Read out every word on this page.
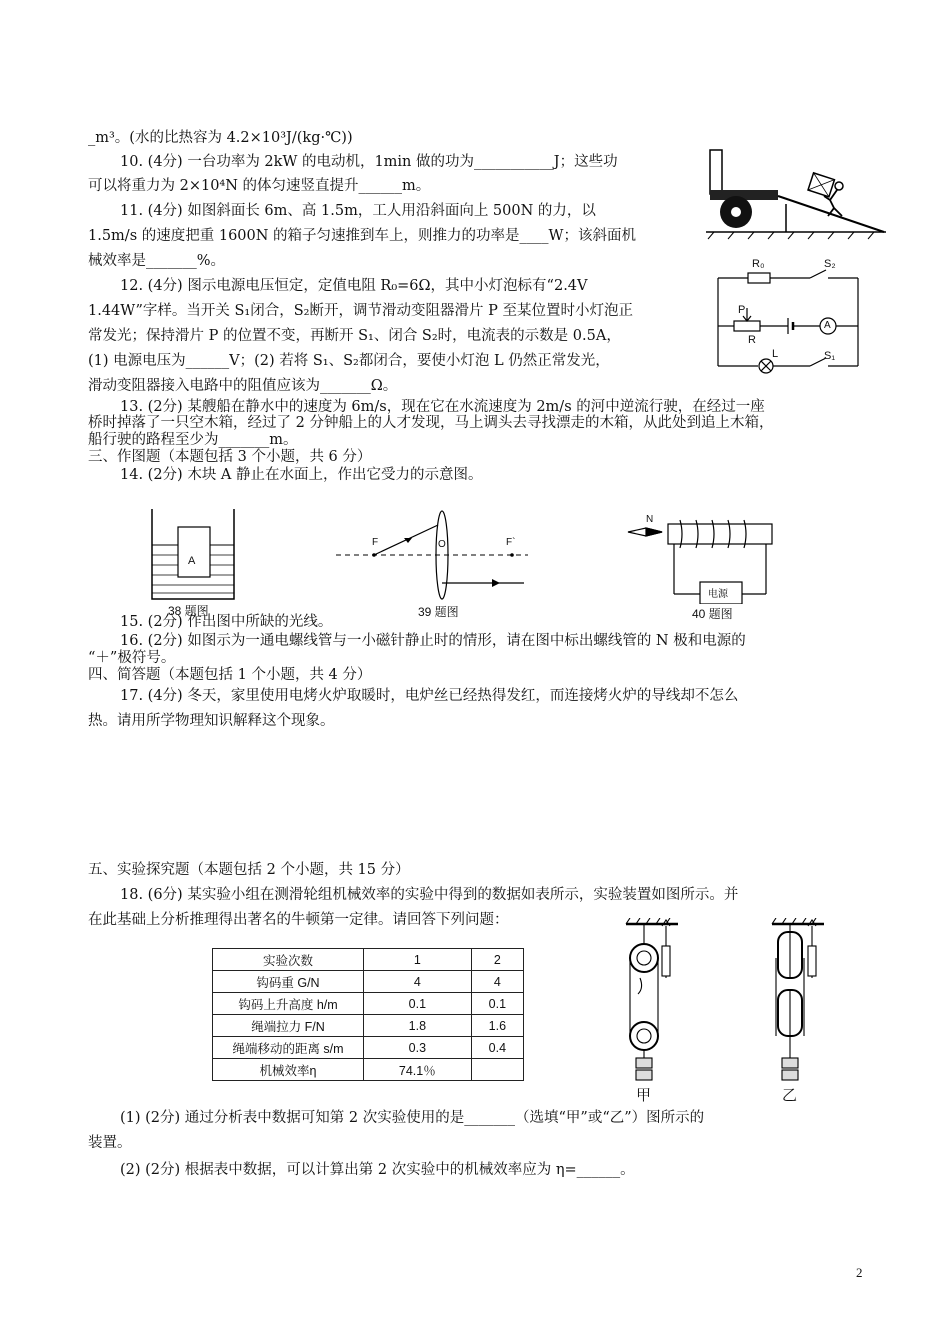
_m³。(水的比热容为 4.2×10³J/(kg·℃))
10. (4分) 一台功率为 2kW 的电动机，1min 做的功为___________J；这些功
可以将重力为 2×10⁴N 的体匀速竖直提升______m。
11. (4分) 如图斜面长 6m、高 1.5m，工人用沿斜面向上 500N 的力，以
1.5m/s 的速度把重 1600N 的箱子匀速推到车上，则推力的功率是____W；该斜面机
械效率是_______%。
12. (4分) 图示电源电压恒定，定值电阻 R₀=6Ω，其中小灯泡标有“2.4V
1.44W”字样。当开关 S₁闭合，S₂断开，调节滑动变阻器滑片 P 至某位置时小灯泡正
常发光；保持滑片 P 的位置不变，再断开 S₁、闭合 S₂时，电流表的示数是 0.5A，
(1) 电源电压为______V；(2) 若将 S₁、S₂都闭合，要使小灯泡 L 仍然正常发光，
滑动变阻器接入电路中的阻值应该为_______Ω。
13. (2分) 某艘船在静水中的速度为 6m/s，现在它在水流速度为 2m/s 的河中逆流行驶，在经过一座
桥时掉落了一只空木箱，经过了 2 分钟船上的人才发现，马上调头去寻找漂走的木箱，从此处到追上木箱，
船行驶的路程至少为_______m。
三、作图题（本题包括 3 个小题，共 6 分）
14. (2分) 木块 A 静止在水面上，作出它受力的示意图。
15. (2分) 作出图中所缺的光线。
16. (2分) 如图示为一通电螺线管与一小磁针静止时的情形，请在图中标出螺线管的 N 极和电源的
“＋”极符号。
四、简答题（本题包括 1 个小题，共 4 分）
17. (4分) 冬天，家里使用电烤火炉取暖时，电炉丝已经热得发红，而连接烤火炉的导线却不怎么
热。请用所学物理知识解释这个现象。
五、实验探究题（本题包括 2 个小题，共 15 分）
18. (6分) 某实验小组在测滑轮组机械效率的实验中得到的数据如表所示，实验装置如图所示。并
在此基础上分析推理得出著名的牛顿第一定律。请回答下列问题：
(1) (2分) 通过分析表中数据可知第 2 次实验使用的是_______（选填“甲”或“乙”）图所示的
装置。
(2) (2分) 根据表中数据，可以计算出第 2 次实验中的机械效率应为 η=______。
R₀	S₂
P
R
A
L	S₁
A
38 题图
F	O	F`
39 题图
N
电源
40 题图
实验次数	1	2
钩码重 G/N	4	4
钩码上升高度 h/m	0.1	0.1
绳端拉力 F/N	1.8	1.6
绳端移动的距离 s/m	0.3	0.4
机械效率η	74.1％	
甲	乙
2
